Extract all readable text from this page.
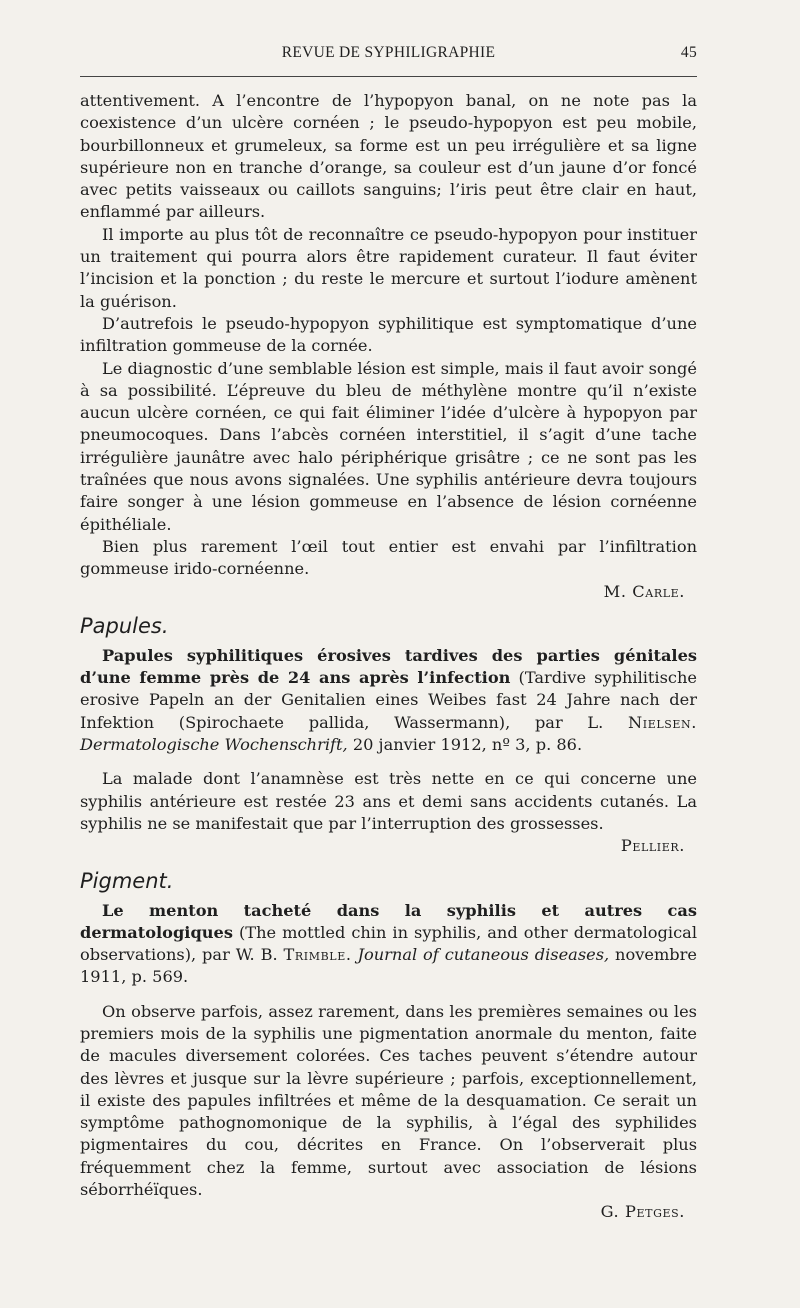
REVUE DE SYPHILIGRAPHIE	45

attentivement. A l’encontre de l’hypopyon banal, on ne note pas la coexistence d’un ulcère cornéen ; le pseudo-hypopyon est peu mobile, bourbillonneux et grumeleux, sa forme est un peu irrégulière et sa ligne supérieure non en tranche d’orange, sa couleur est d’un jaune d’or foncé avec petits vaisseaux ou caillots sanguins; l’iris peut être clair en haut, enflammé par ailleurs.

Il importe au plus tôt de reconnaître ce pseudo-hypopyon pour instituer un traitement qui pourra alors être rapidement curateur. Il faut éviter l’incision et la ponction ; du reste le mercure et surtout l’iodure amènent la guérison.

D’autrefois le pseudo-hypopyon syphilitique est symptomatique d’une infiltration gommeuse de la cornée.

Le diagnostic d’une semblable lésion est simple, mais il faut avoir songé à sa possibilité. L’épreuve du bleu de méthylène montre qu’il n’existe aucun ulcère cornéen, ce qui fait éliminer l’idée d’ulcère à hypopyon par pneumocoques. Dans l’abcès cornéen interstitiel, il s’agit d’une tache irrégulière jaunâtre avec halo périphérique grisâtre ; ce ne sont pas les traînées que nous avons signalées. Une syphilis antérieure devra toujours faire songer à une lésion gommeuse en l’absence de lésion cornéenne épithéliale.

Bien plus rarement l’œil tout entier est envahi par l’infiltration gommeuse irido-cornéenne.

M. Carle.

Papules.

Papules syphilitiques érosives tardives des parties génitales d’une femme près de 24 ans après l’infection (Tardive syphilitische erosive Papeln an der Genitalien eines Weibes fast 24 Jahre nach der Infektion (Spirochaete pallida, Wassermann), par L. Nielsen. Dermatologische Wochenschrift, 20 janvier 1912, nº 3, p. 86.

La malade dont l’anamnèse est très nette en ce qui concerne une syphilis antérieure est restée 23 ans et demi sans accidents cutanés. La syphilis ne se manifestait que par l’interruption des grossesses.

Pellier.

Pigment.

Le menton tacheté dans la syphilis et autres cas dermatologiques (The mottled chin in syphilis, and other dermatological observations), par W. B. Trimble. Journal of cutaneous diseases, novembre 1911, p. 569.

On observe parfois, assez rarement, dans les premières semaines ou les premiers mois de la syphilis une pigmentation anormale du menton, faite de macules diversement colorées. Ces taches peuvent s’étendre autour des lèvres et jusque sur la lèvre supérieure ; parfois, exceptionnellement, il existe des papules infiltrées et même de la desquamation. Ce serait un symptôme pathognomonique de la syphilis, à l’égal des syphilides pigmentaires du cou, décrites en France. On l’observerait plus fréquemment chez la femme, surtout avec association de lésions séborrhéïques.

G. Petges.
